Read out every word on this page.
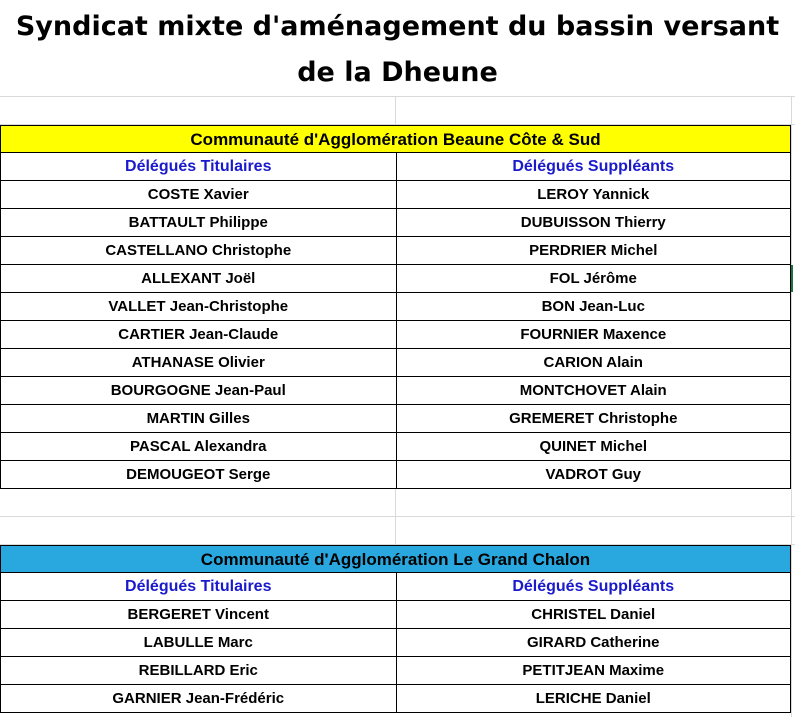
Syndicat mixte d'aménagement du bassin versant de la Dheune
Communauté d'Agglomération Beaune Côte & Sud
Délégués Titulaires	Délégués Suppléants
COSTE Xavier	LEROY Yannick
BATTAULT Philippe	DUBUISSON Thierry
CASTELLANO Christophe	PERDRIER Michel
ALLEXANT Joël	FOL Jérôme
VALLET Jean-Christophe	BON Jean-Luc
CARTIER Jean-Claude	FOURNIER Maxence
ATHANASE Olivier	CARION Alain
BOURGOGNE Jean-Paul	MONTCHOVET Alain
MARTIN Gilles	GREMERET Christophe
PASCAL Alexandra	QUINET Michel
DEMOUGEOT Serge	VADROT Guy
Communauté d'Agglomération Le Grand Chalon
Délégués Titulaires	Délégués Suppléants
BERGERET Vincent	CHRISTEL Daniel
LABULLE Marc	GIRARD Catherine
REBILLARD Eric	PETITJEAN Maxime
GARNIER Jean-Frédéric	LERICHE Daniel
